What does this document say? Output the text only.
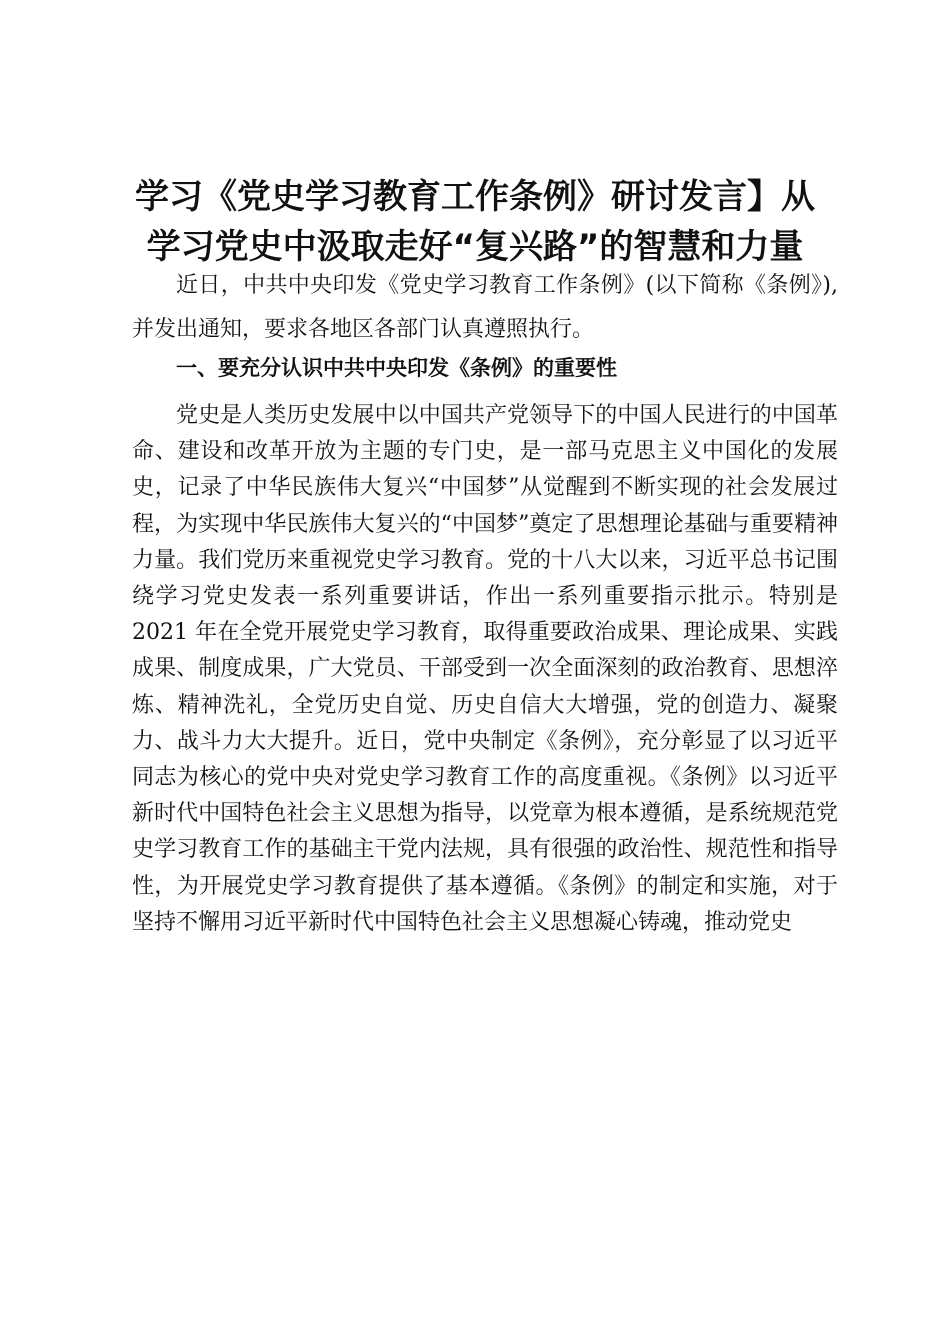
学习《党史学习教育工作条例》研讨发言】从
学习党史中汲取走好“复兴路”的智慧和力量

近日，中共中央印发《党史学习教育工作条例》(以下简称《条例》),并发出通知，要求各地区各部门认真遵照执行。

一、要充分认识中共中央印发《条例》的重要性

党史是人类历史发展中以中国共产党领导下的中国人民进行的中国革命、建设和改革开放为主题的专门史，是一部马克思主义中国化的发展史，记录了中华民族伟大复兴“中国梦”从觉醒到不断实现的社会发展过程，为实现中华民族伟大复兴的“中国梦”奠定了思想理论基础与重要精神力量。我们党历来重视党史学习教育。党的十八大以来，习近平总书记围绕学习党史发表一系列重要讲话，作出一系列重要指示批示。特别是2021 年在全党开展党史学习教育，取得重要政治成果、理论成果、实践成果、制度成果，广大党员、干部受到一次全面深刻的政治教育、思想淬炼、精神洗礼，全党历史自觉、历史自信大大增强，党的创造力、凝聚力、战斗力大大提升。近日，党中央制定《条例》，充分彰显了以习近平同志为核心的党中央对党史学习教育工作的高度重视。《条例》以习近平新时代中国特色社会主义思想为指导，以党章为根本遵循，是系统规范党史学习教育工作的基础主干党内法规，具有很强的政治性、规范性和指导性，为开展党史学习教育提供了基本遵循。《条例》的制定和实施，对于坚持不懈用习近平新时代中国特色社会主义思想凝心铸魂，推动党史
